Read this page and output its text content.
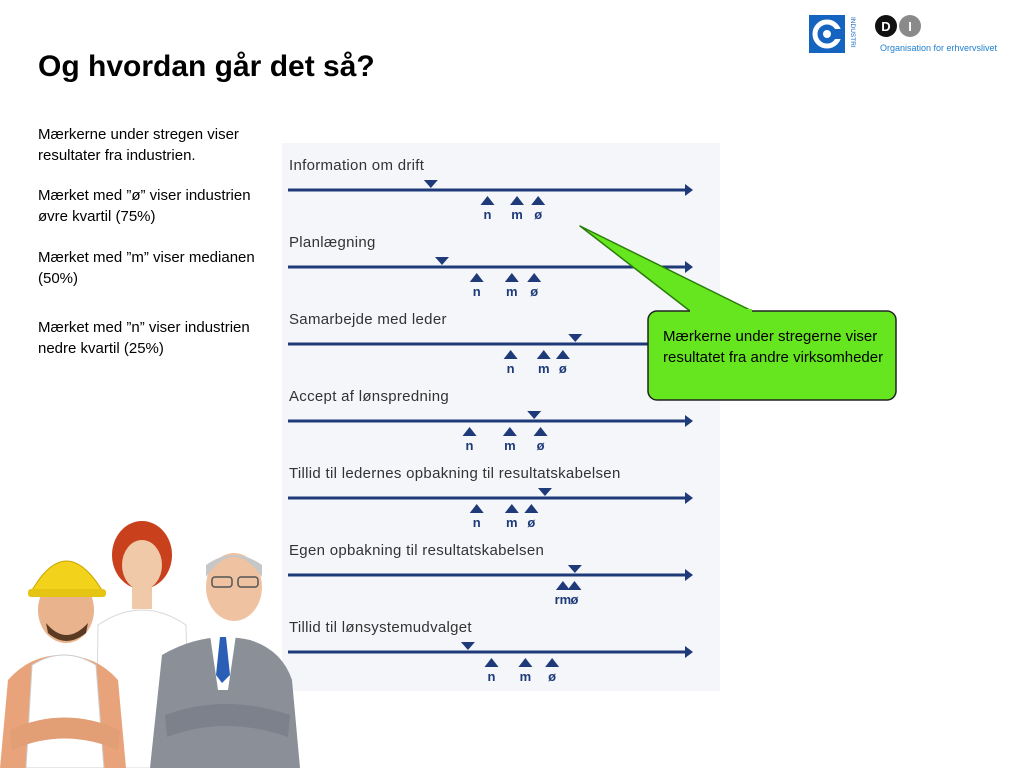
Og hvordan går det så?
INDUSTRI D I
Organisation for erhvervslivet
Mærkerne under stregen viser resultater fra industrien.
Mærket med ”ø” viser industrien øvre kvartil (75%)
Mærket med ”m” viser medianen (50%)
Mærket med ”n” viser industrien nedre kvartil (25%)
Information om drift
n m ø
Planlægning
n m ø
Samarbejde med leder
n m ø
Accept af lønspredning
n m ø
Tillid til ledernes opbakning til resultatskabelsen
n m ø
Egen opbakning til resultatskabelsen
rm ø
Tillid til lønsystemudvalget
n m ø
Mærkerne under stregerne viser resultatet fra andre virksomheder
